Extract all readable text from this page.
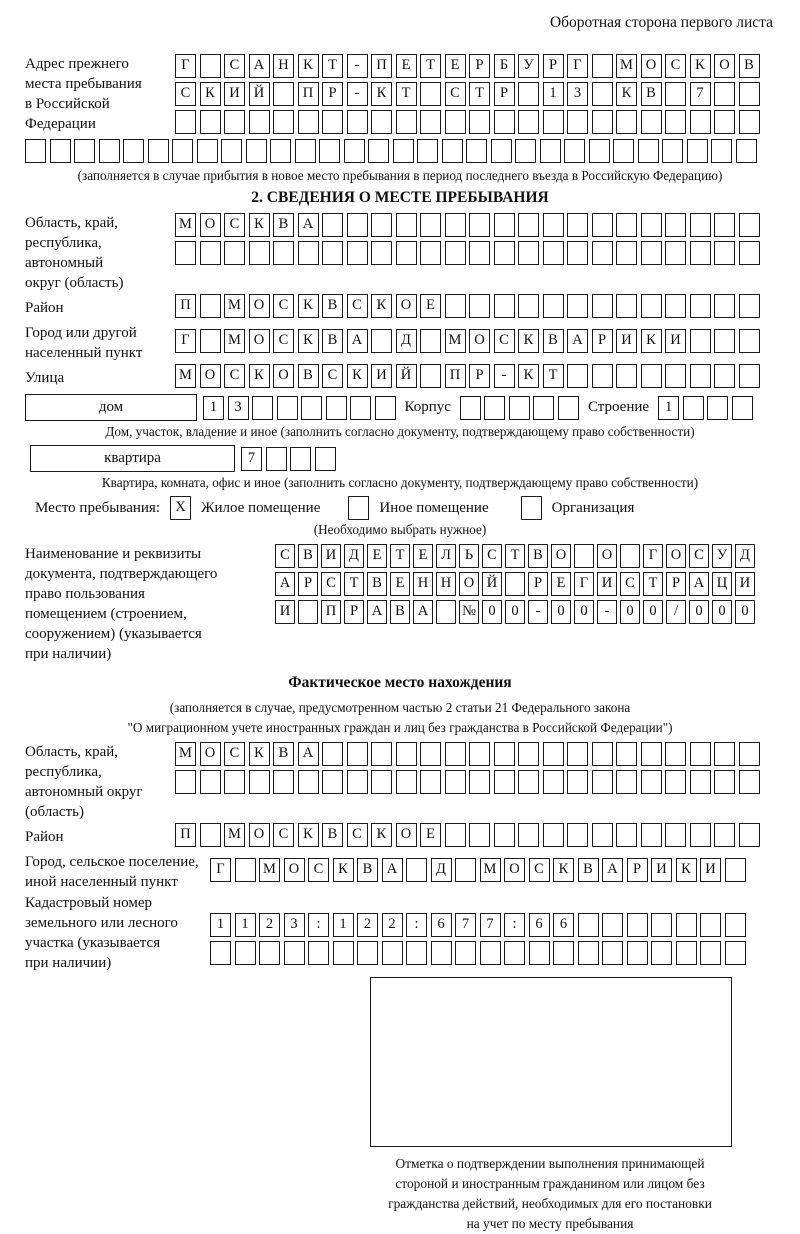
Оборотная сторона первого листа
Адрес прежнего
места пребывания
в Российской
Федерации
Г	С А Н К	Т	-	П	Е	Т	Е	Р	Б	У	Р	Г	М О С	К О В
С	К И Й	П	Р	-	К	Т	С	Т	Р	1	3	К	В	7
(заполняется в случае прибытия в новое место пребывания в период последнего въезда в Российскую Федерацию)
2. СВЕДЕНИЯ О МЕСТЕ ПРЕБЫВАНИЯ
Область, край,
республика,
автономный
округ (область)
М О С	К	В А
Район	П	М О С	К	В	С	К О	Е
Город или другой
населенный пункт
Г	М О С	К	В А	Д	М О С	К	В А	Р	И К И
Улица	М О С	К О В	С	К И Й	П	Р	-	К	Т
дом	1	3	Корпус	Строение	1
Дом, участок, владение и иное (заполнить согласно документу, подтверждающему право собственности)
квартира	7
Квартира, комната, офис и иное (заполнить согласно документу, подтверждающему право собственности)
Место пребывания:	X	Жилое помещение	Иное помещение	Организация
(Необходимо выбрать нужное)
Наименование и реквизиты
документа, подтверждающего
право пользования
помещением (строением,
сооружением) (указывается
при наличии)
С В И Д Е Т Е Л Ь С Т В О	О	Г О С У Д
А Р С Т В Е Н Н О Й	Р	Е Г И С Т	Р А Ц И
И	П Р А В А	№ 0	0	-	0	0	-	0	0	/	0	0	0
Фактическое место нахождения
(заполняется в случае, предусмотренном частью 2 статьи 21 Федерального закона
"О миграционном учете иностранных граждан и лиц без гражданства в Российской Федерации")
Область, край,
республика,
автономный округ
(область)
М О С	К	В А
Район	П	М О С	К	В	С	К О	Е
Город, сельское поселение,
иной населенный пункт
Г	М О С	К	В А	Д	М О С	К	В А	Р	И К И
Кадастровый номер
земельного или лесного
участка (указывается
при наличии)
1	1	2	3	:	1	2	2	:	6	7	7	:	6	6
Отметка о подтверждении выполнения принимающей
стороной и иностранным гражданином или лицом без
гражданства действий, необходимых для его постановки
на учет по месту пребывания
